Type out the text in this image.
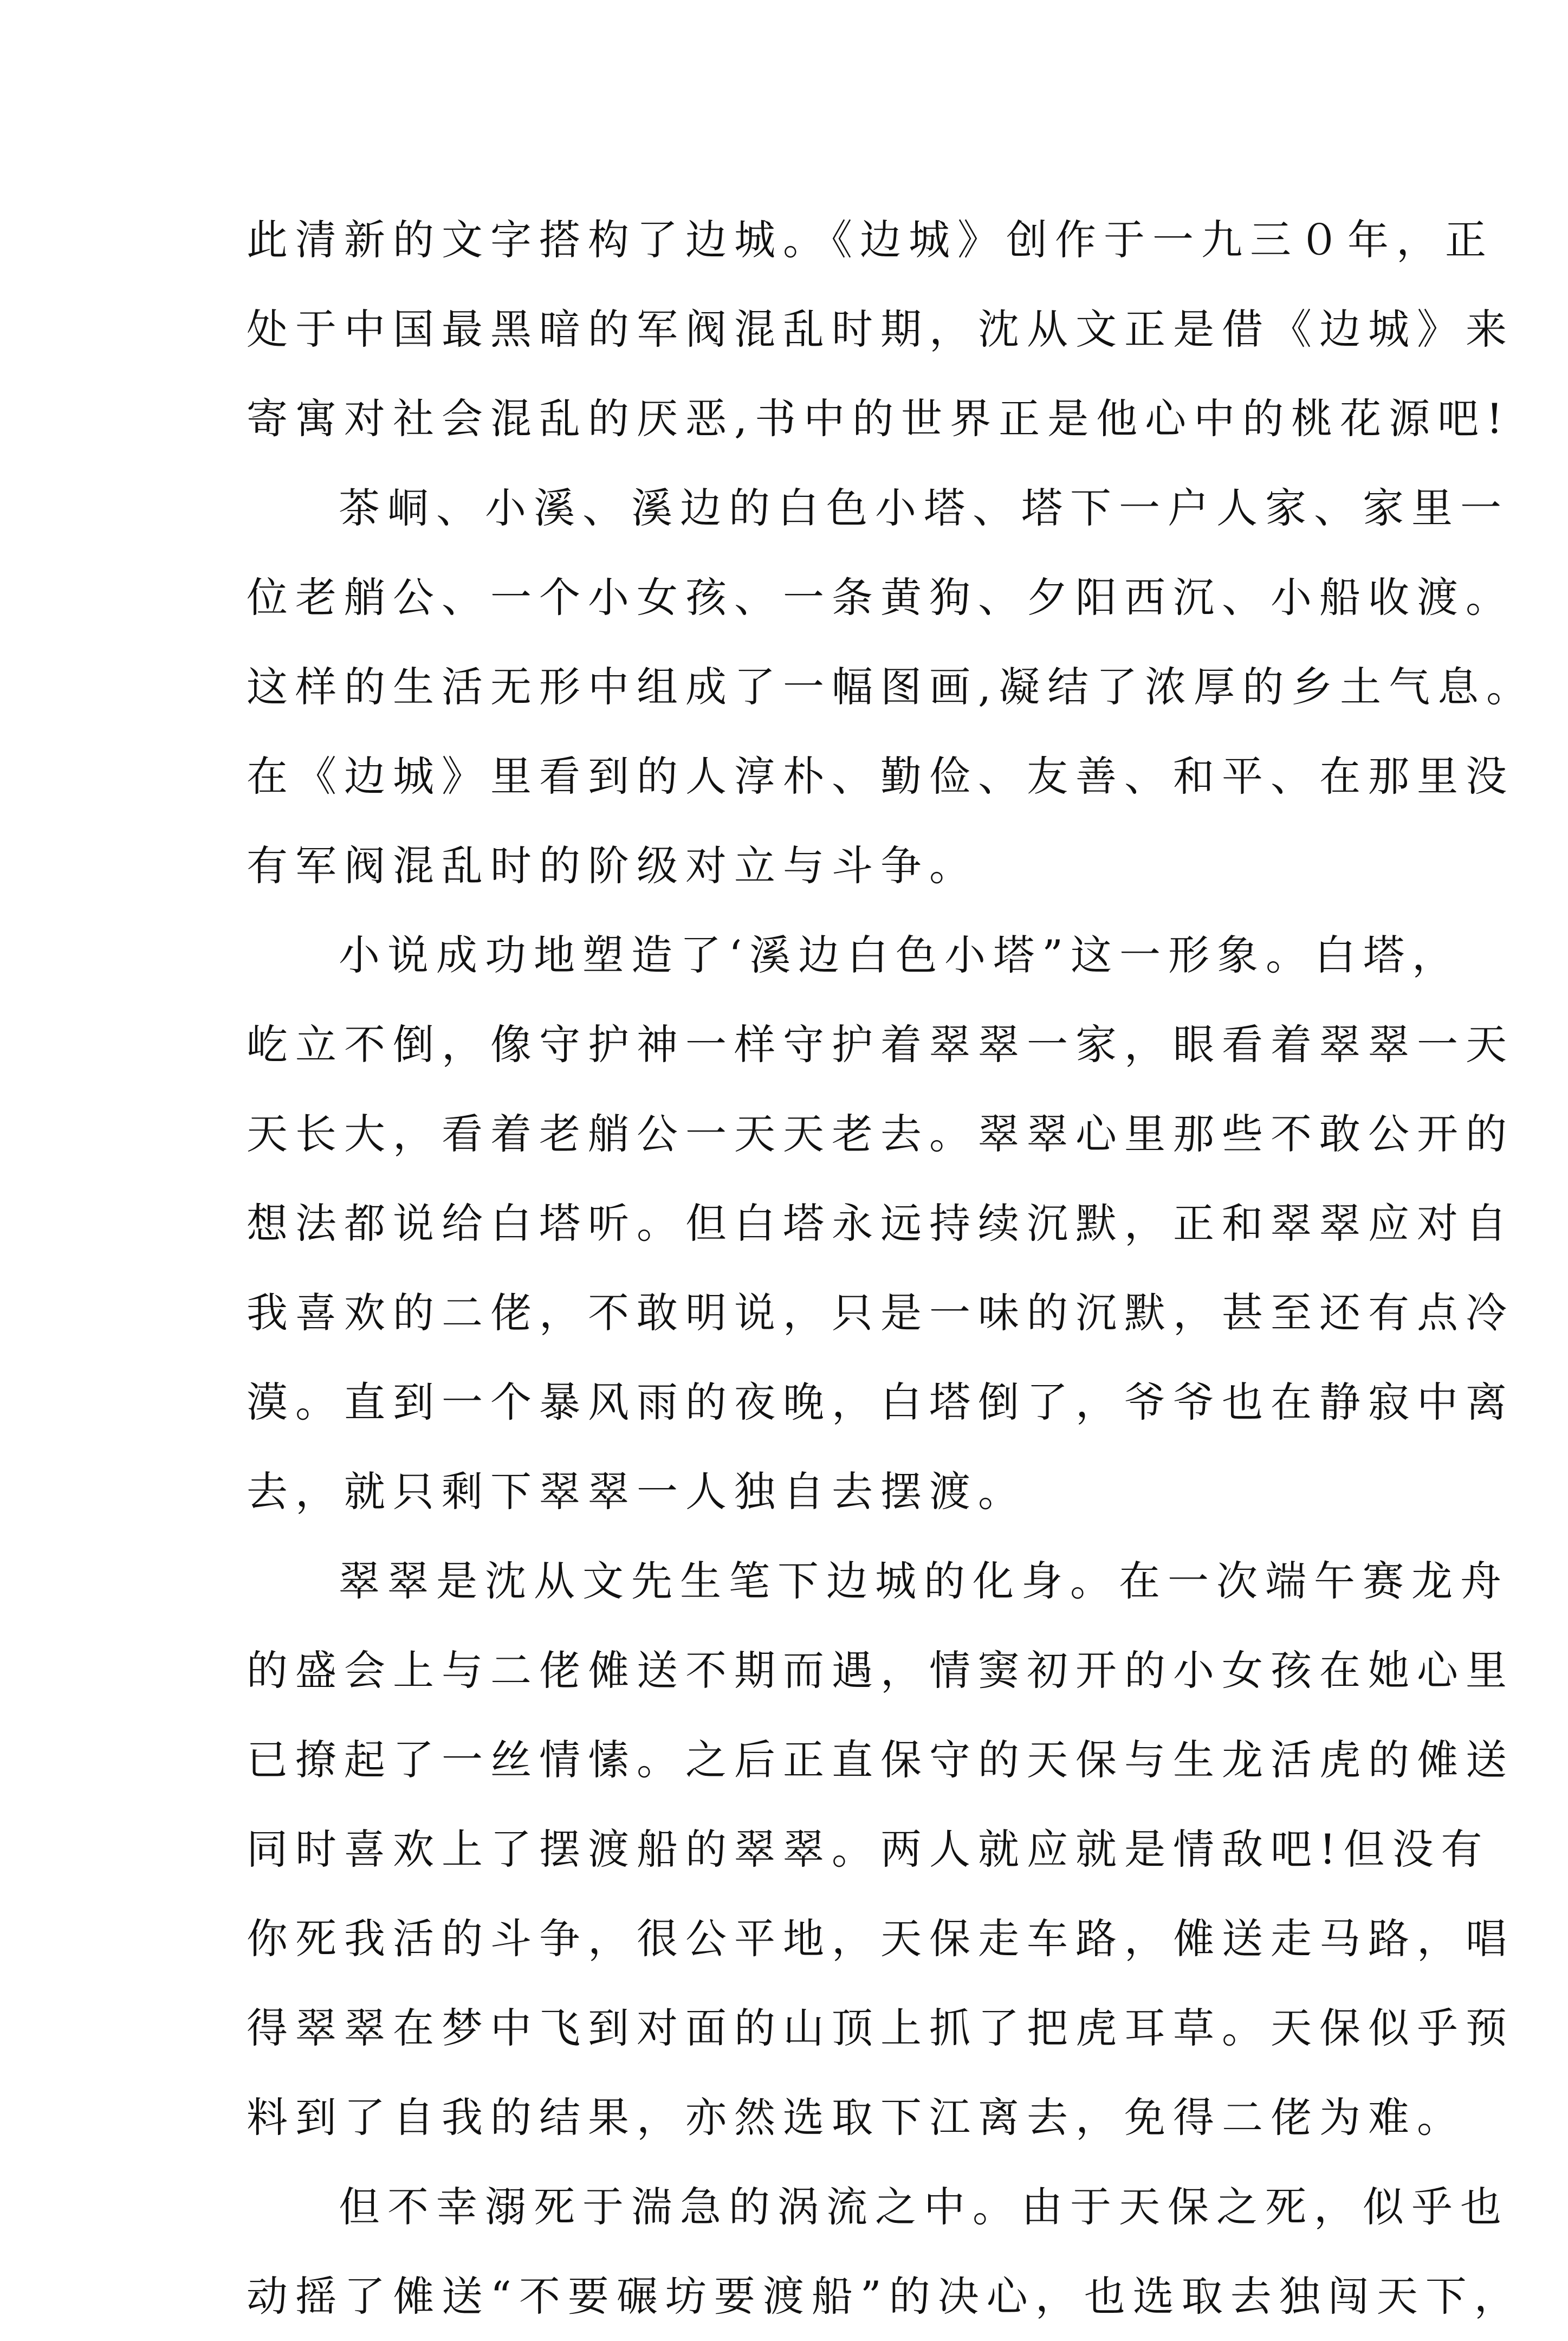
此清新的文字搭构了边城。《边城》创作于一九三０年，正
处于中国最黑暗的军阀混乱时期，沈从文正是借《边城》来
寄寓对社会混乱的厌恶,书中的世界正是他心中的桃花源吧!
茶峒、小溪、溪边的白色小塔、塔下一户人家、家里一
位老艄公、一个小女孩、一条黄狗、夕阳西沉、小船收渡。
这样的生活无形中组成了一幅图画,凝结了浓厚的乡土气息。
在《边城》里看到的人淳朴、勤俭、友善、和平、在那里没
有军阀混乱时的阶级对立与斗争。
小说成功地塑造了‘溪边白色小塔”这一形象。白塔，
屹立不倒，像守护神一样守护着翠翠一家，眼看着翠翠一天
天长大，看着老艄公一天天老去。翠翠心里那些不敢公开的
想法都说给白塔听。但白塔永远持续沉默，正和翠翠应对自
我喜欢的二佬，不敢明说，只是一味的沉默，甚至还有点冷
漠。直到一个暴风雨的夜晚，白塔倒了，爷爷也在静寂中离
去，就只剩下翠翠一人独自去摆渡。
翠翠是沈从文先生笔下边城的化身。在一次端午赛龙舟
的盛会上与二佬傩送不期而遇，情窦初开的小女孩在她心里
已撩起了一丝情愫。之后正直保守的天保与生龙活虎的傩送
同时喜欢上了摆渡船的翠翠。两人就应就是情敌吧!但没有
你死我活的斗争，很公平地，天保走车路，傩送走马路，唱
得翠翠在梦中飞到对面的山顶上抓了把虎耳草。天保似乎预
料到了自我的结果，亦然选取下江离去，免得二佬为难。
但不幸溺死于湍急的涡流之中。由于天保之死，似乎也
动摇了傩送“不要碾坊要渡船”的决心，也选取去独闯天下，
